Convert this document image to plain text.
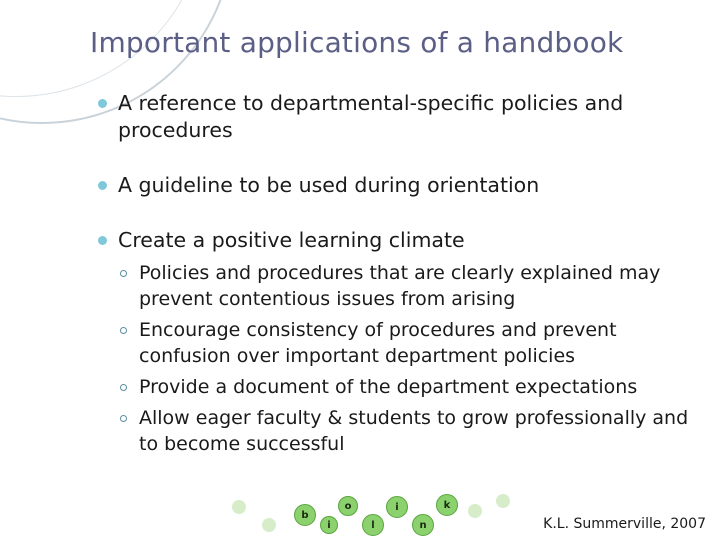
Important applications of a handbook
A reference to departmental-specific policies and procedures
A guideline to be used during orientation
Create a positive learning climate
Policies and procedures that are clearly explained may prevent contentious issues from arising
Encourage consistency of procedures and prevent confusion over important department policies
Provide a document of the department expectations
Allow eager faculty & students to grow professionally and to become successful
b
i
o
l
i
n
k
K.L. Summerville, 2007
